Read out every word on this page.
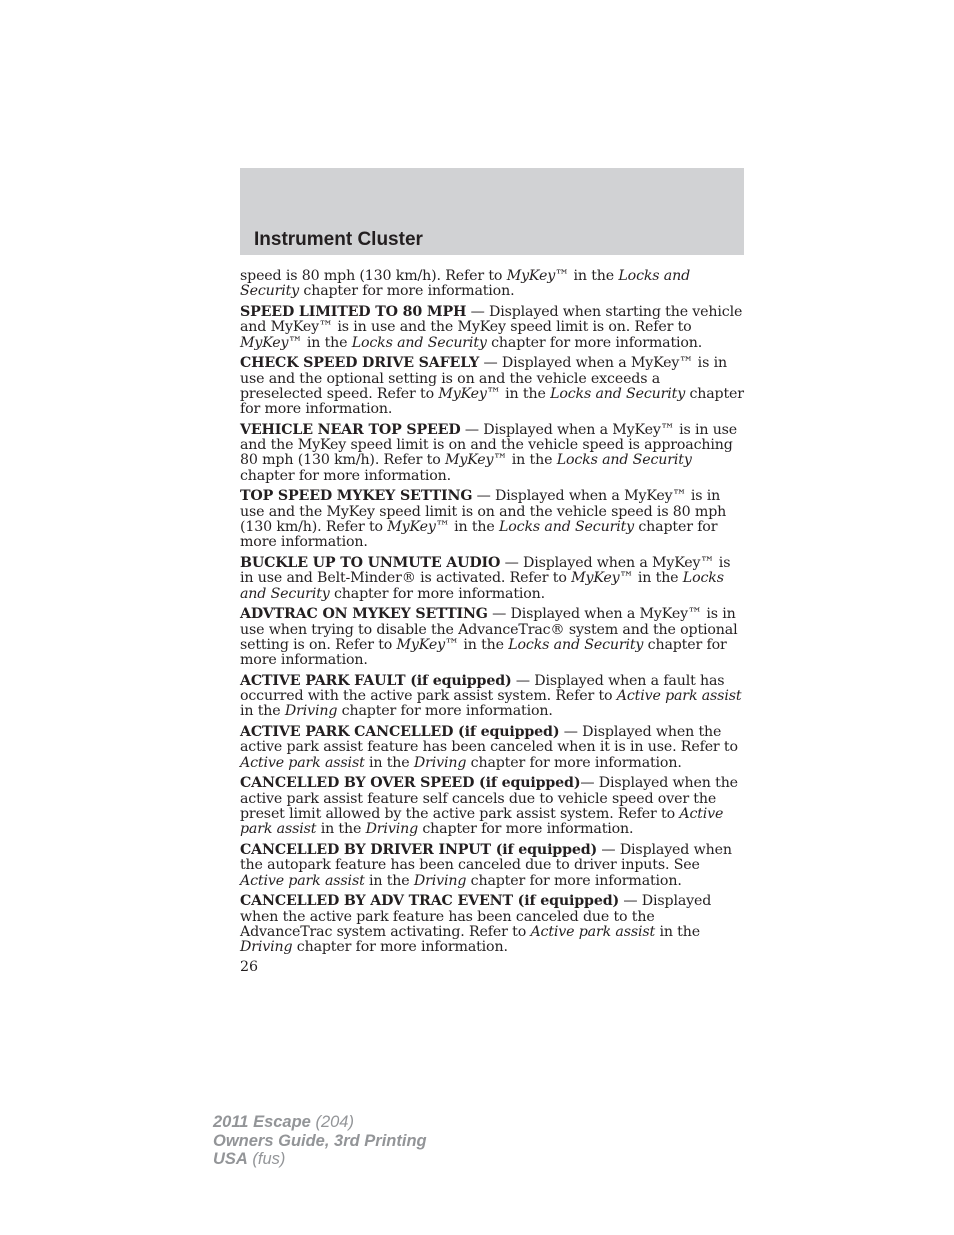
Instrument Cluster

speed is 80 mph (130 km/h). Refer to MyKey™ in the Locks and Security chapter for more information.

SPEED LIMITED TO 80 MPH — Displayed when starting the vehicle and MyKey™ is in use and the MyKey speed limit is on. Refer to MyKey™ in the Locks and Security chapter for more information.

CHECK SPEED DRIVE SAFELY — Displayed when a MyKey™ is in use and the optional setting is on and the vehicle exceeds a preselected speed. Refer to MyKey™ in the Locks and Security chapter for more information.

VEHICLE NEAR TOP SPEED — Displayed when a MyKey™ is in use and the MyKey speed limit is on and the vehicle speed is approaching 80 mph (130 km/h). Refer to MyKey™ in the Locks and Security chapter for more information.

TOP SPEED MYKEY SETTING — Displayed when a MyKey™ is in use and the MyKey speed limit is on and the vehicle speed is 80 mph (130 km/h). Refer to MyKey™ in the Locks and Security chapter for more information.

BUCKLE UP TO UNMUTE AUDIO — Displayed when a MyKey™ is in use and Belt-Minder® is activated. Refer to MyKey™ in the Locks and Security chapter for more information.

ADVTRAC ON MYKEY SETTING — Displayed when a MyKey™ is in use when trying to disable the AdvanceTrac® system and the optional setting is on. Refer to MyKey™ in the Locks and Security chapter for more information.

ACTIVE PARK FAULT (if equipped) — Displayed when a fault has occurred with the active park assist system. Refer to Active park assist in the Driving chapter for more information.

ACTIVE PARK CANCELLED (if equipped) — Displayed when the active park assist feature has been canceled when it is in use. Refer to Active park assist in the Driving chapter for more information.

CANCELLED BY OVER SPEED (if equipped)— Displayed when the active park assist feature self cancels due to vehicle speed over the preset limit allowed by the active park assist system. Refer to Active park assist in the Driving chapter for more information.

CANCELLED BY DRIVER INPUT (if equipped) — Displayed when the autopark feature has been canceled due to driver inputs. See Active park assist in the Driving chapter for more information.

CANCELLED BY ADV TRAC EVENT (if equipped) — Displayed when the active park feature has been canceled due to the AdvanceTrac system activating. Refer to Active park assist in the Driving chapter for more information.

26

2011 Escape (204)
Owners Guide, 3rd Printing
USA (fus)
